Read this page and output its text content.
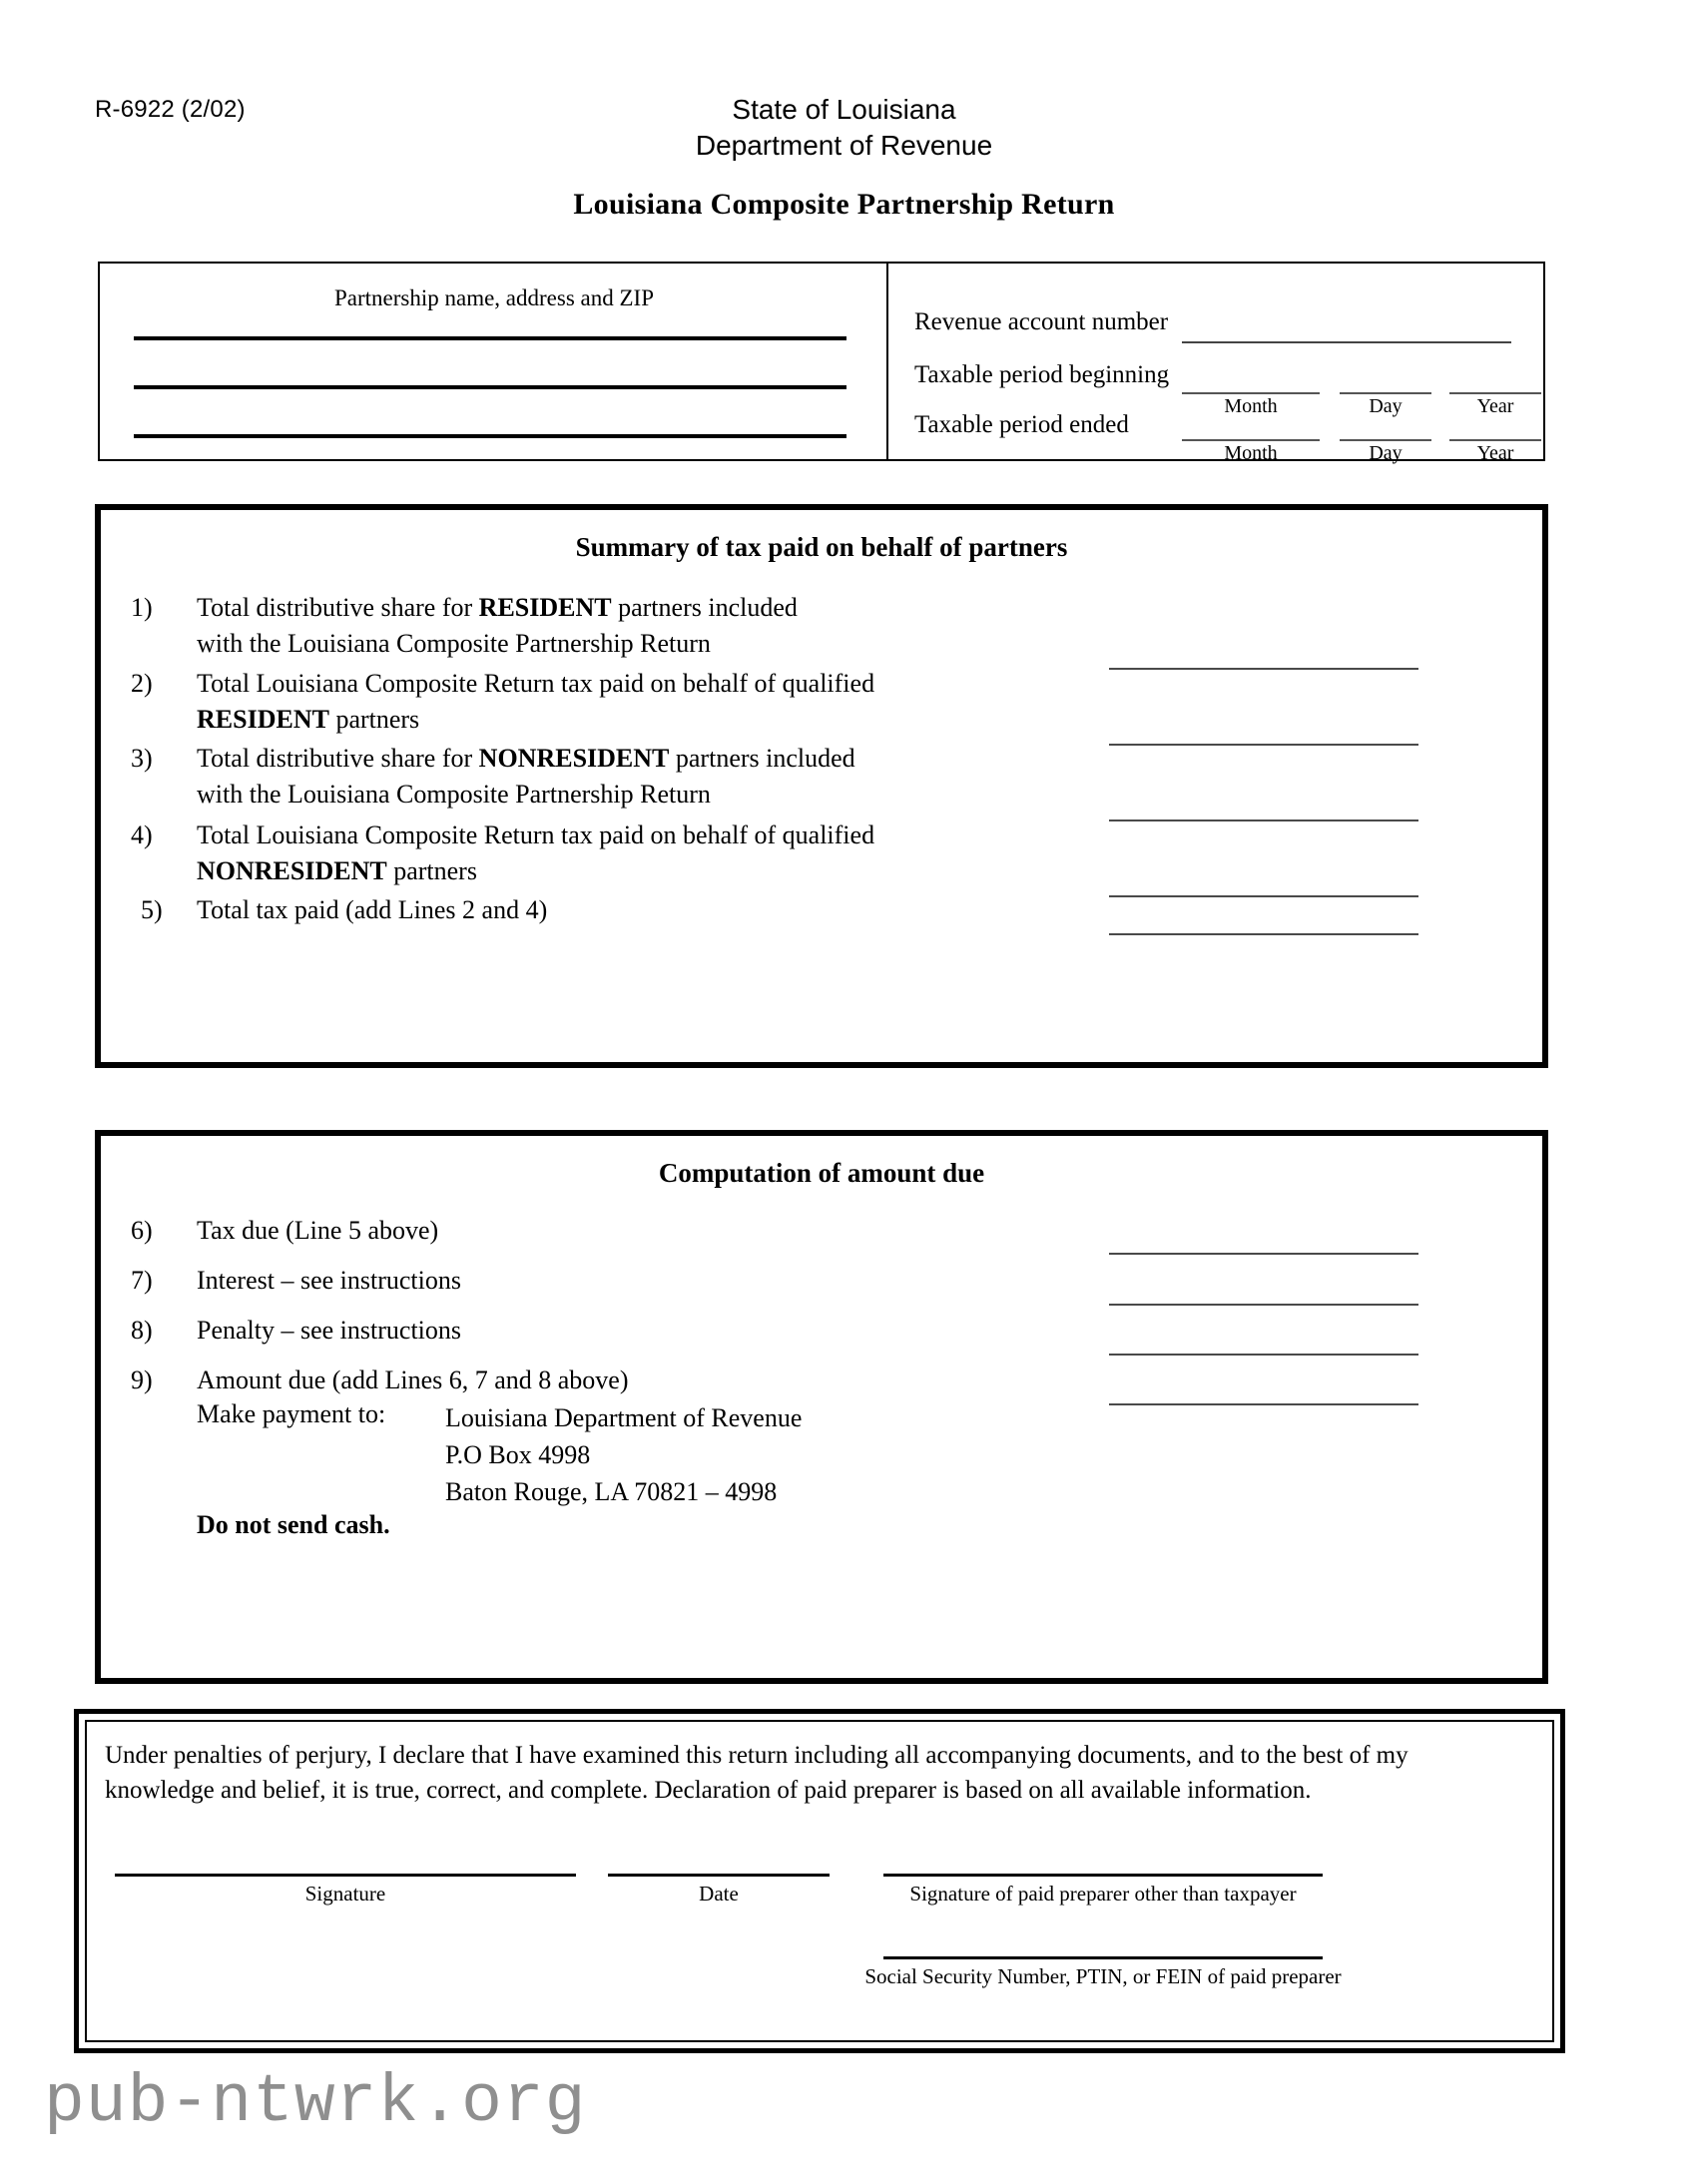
R-6922 (2/02)	State of Louisiana
Department of Revenue
Louisiana Composite Partnership Return
Partnership name, address and ZIP
Revenue account number
Taxable period beginning
Month	Day	Year
Taxable period ended
Month	Day	Year
Summary of tax paid on behalf of partners
1)	Total distributive share for RESIDENT partners included
with the Louisiana Composite Partnership Return
2)	Total Louisiana Composite Return tax paid on behalf of qualified
RESIDENT partners
3)	Total distributive share for NONRESIDENT partners included
with the Louisiana Composite Partnership Return
4)	Total Louisiana Composite Return tax paid on behalf of qualified
NONRESIDENT partners
5)	Total tax paid (add Lines 2 and 4)
Computation of amount due
6)	Tax due (Line 5 above)
7)	Interest – see instructions
8)	Penalty – see instructions
9)	Amount due (add Lines 6, 7 and 8 above)
Make payment to: Louisiana Department of Revenue
P.O Box 4998
Baton Rouge, LA 70821 – 4998
Do not send cash.
Under penalties of perjury, I declare that I have examined this return including all accompanying documents, and to the best of my knowledge and belief, it is true, correct, and complete. Declaration of paid preparer is based on all available information.
Signature	Date	Signature of paid preparer other than taxpayer
Social Security Number, PTIN, or FEIN of paid preparer
pub-ntwrk.org
